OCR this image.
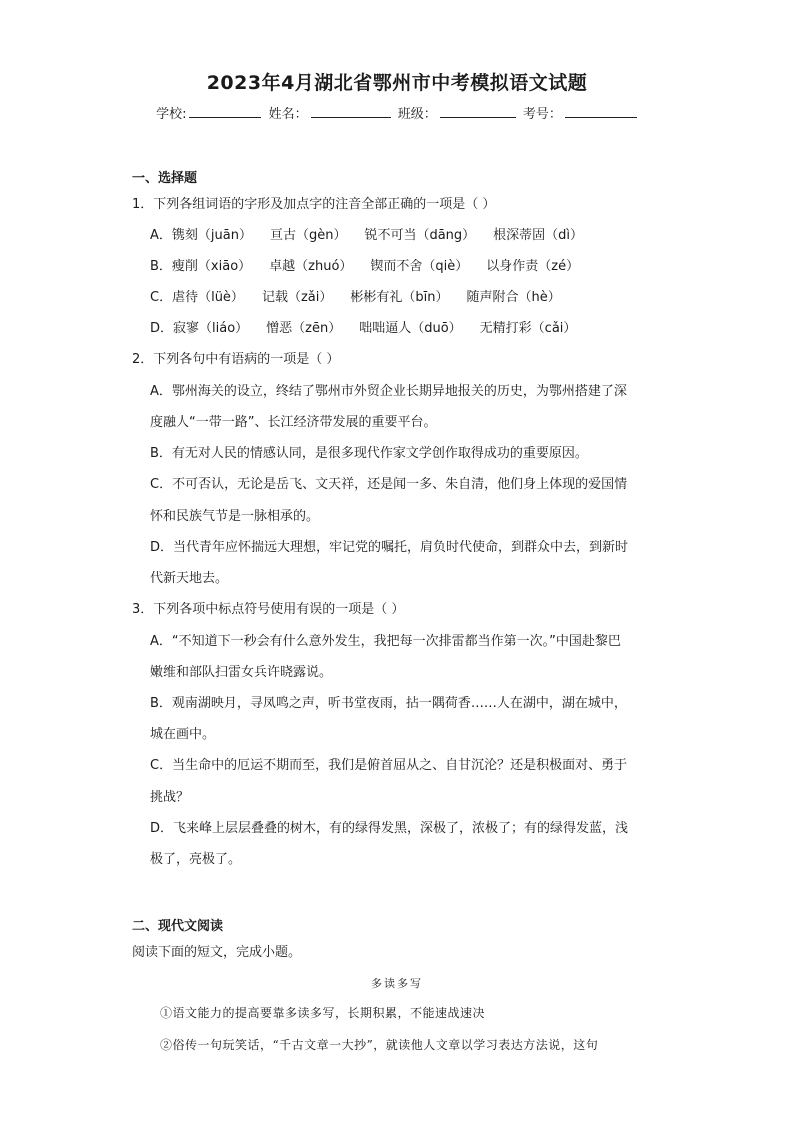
2023年4月湖北省鄂州市中考模拟语文试题
学校:	姓名：	班级：	考号：
一、选择题
1．下列各组词语的字形及加点字的注音全部正确的一项是（ ）
A．镌刻（juān） 亘古（gèn） 锐不可当（dāng） 根深蒂固（dì）
B．瘦削（xiāo） 卓越（zhuó） 锲而不舍（qiè） 以身作责（zé）
C．虐待（lüè） 记载（zǎi） 彬彬有礼（bīn） 随声附合（hè）
D．寂寥（liáo） 憎恶（zēn） 咄咄逼人（duō） 无精打彩（cǎi）
2．下列各句中有语病的一项是（ ）
A．鄂州海关的设立，终结了鄂州市外贸企业长期异地报关的历史，为鄂州搭建了深
度融人“一带一路”、长江经济带发展的重要平台。
B．有无对人民的情感认同，是很多现代作家文学创作取得成功的重要原因。
C．不可否认，无论是岳飞、文天祥，还是闻一多、朱自清，他们身上体现的爱国情
怀和民族气节是一脉相承的。
D．当代青年应怀揣远大理想，牢记党的嘱托，肩负时代使命，到群众中去，到新时
代新天地去。
3．下列各项中标点符号使用有误的一项是（ ）
A．“不知道下一秒会有什么意外发生，我把每一次排雷都当作第一次。”中国赴黎巴
嫩维和部队扫雷女兵许晓露说。
B．观南湖映月，寻凤鸣之声，听书堂夜雨，拈一隅荷香……人在湖中，湖在城中，
城在画中。
C．当生命中的厄运不期而至，我们是俯首屈从之、自甘沉沦？还是积极面对、勇于
挑战？
D．飞来峰上层层叠叠的树木，有的绿得发黑，深极了，浓极了；有的绿得发蓝，浅
极了，亮极了。
二、现代文阅读
阅读下面的短文，完成小题。
多读多写
①语文能力的提高要靠多读多写，长期积累，不能速战速决
②俗传一句玩笑话，“千古文章一大抄”，就读他人文章以学习表达方法说，这句
